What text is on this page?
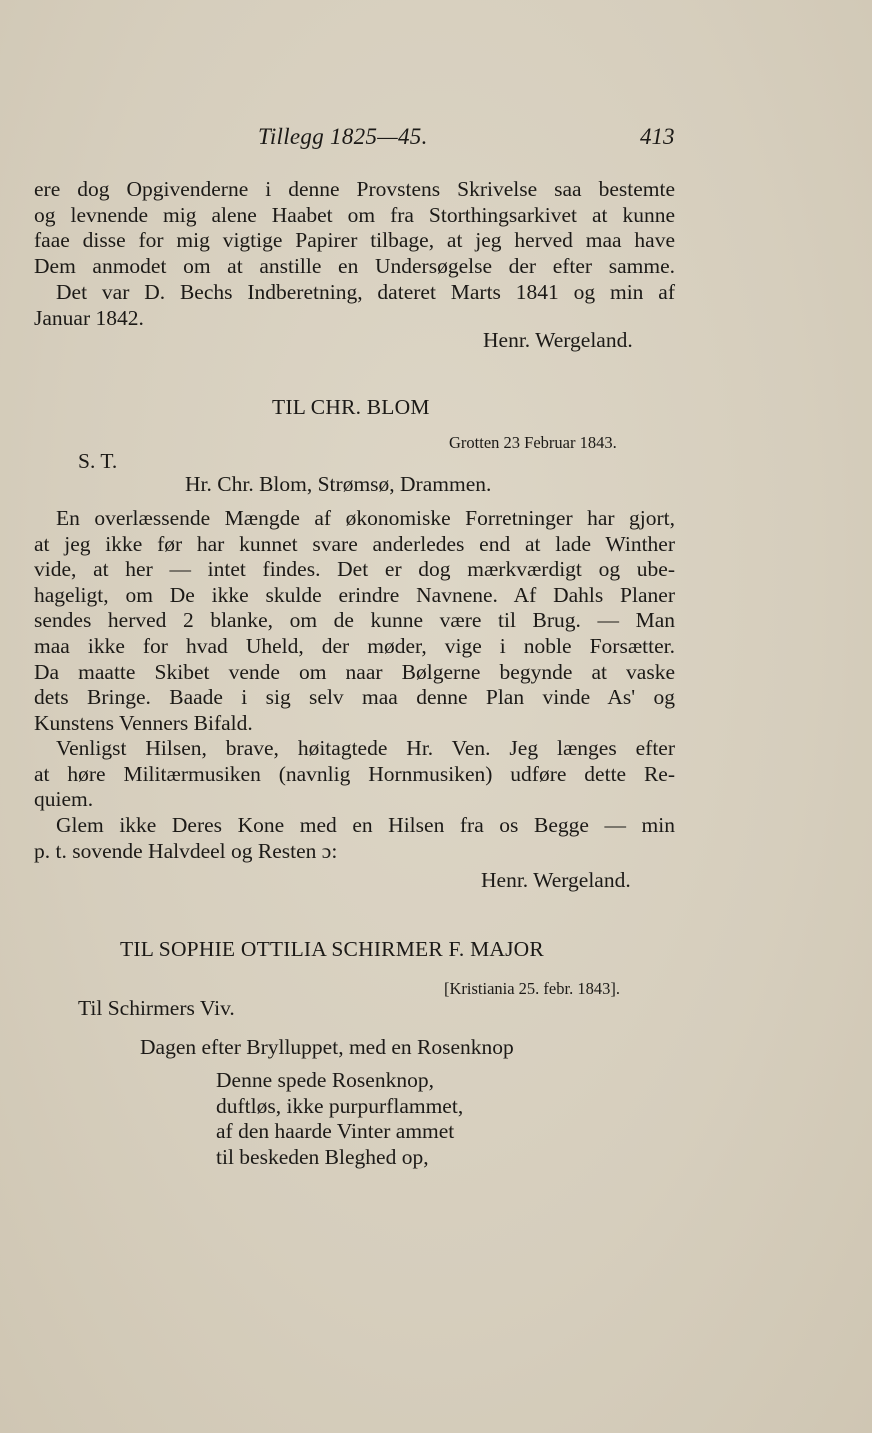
Tillegg 1825—45.	413
ere dog Opgivenderne i denne Provstens Skrivelse saa bestemte
og levnende mig alene Haabet om fra Storthingsarkivet at kunne
faae disse for mig vigtige Papirer tilbage, at jeg herved maa have
Dem anmodet om at anstille en Undersøgelse der efter samme.
Det var D. Bechs Indberetning, dateret Marts 1841 og min af
Januar 1842.
Henr. Wergeland.
TIL CHR. BLOM
Grotten 23 Februar 1843.
S. T.
Hr. Chr. Blom, Strømsø, Drammen.
En overlæssende Mængde af økonomiske Forretninger har gjort,
at jeg ikke før har kunnet svare anderledes end at lade Winther
vide, at her — intet findes. Det er dog mærkværdigt og ube-
hageligt, om De ikke skulde erindre Navnene. Af Dahls Planer
sendes herved 2 blanke, om de kunne være til Brug. — Man
maa ikke for hvad Uheld, der møder, vige i noble Forsætter.
Da maatte Skibet vende om naar Bølgerne begynde at vaske
dets Bringe. Baade i sig selv maa denne Plan vinde As' og
Kunstens Venners Bifald.
Venligst Hilsen, brave, høitagtede Hr. Ven. Jeg længes efter
at høre Militærmusiken (navnlig Hornmusiken) udføre dette Re-
quiem.
Glem ikke Deres Kone med en Hilsen fra os Begge — min
p. t. sovende Halvdeel og Resten ɔ:
Henr. Wergeland.
TIL SOPHIE OTTILIA SCHIRMER F. MAJOR
[Kristiania 25. febr. 1843].
Til Schirmers Viv.
Dagen efter Brylluppet, med en Rosenknop
Denne spede Rosenknop,
duftløs, ikke purpurflammet,
af den haarde Vinter ammet
til beskeden Bleghed op,
